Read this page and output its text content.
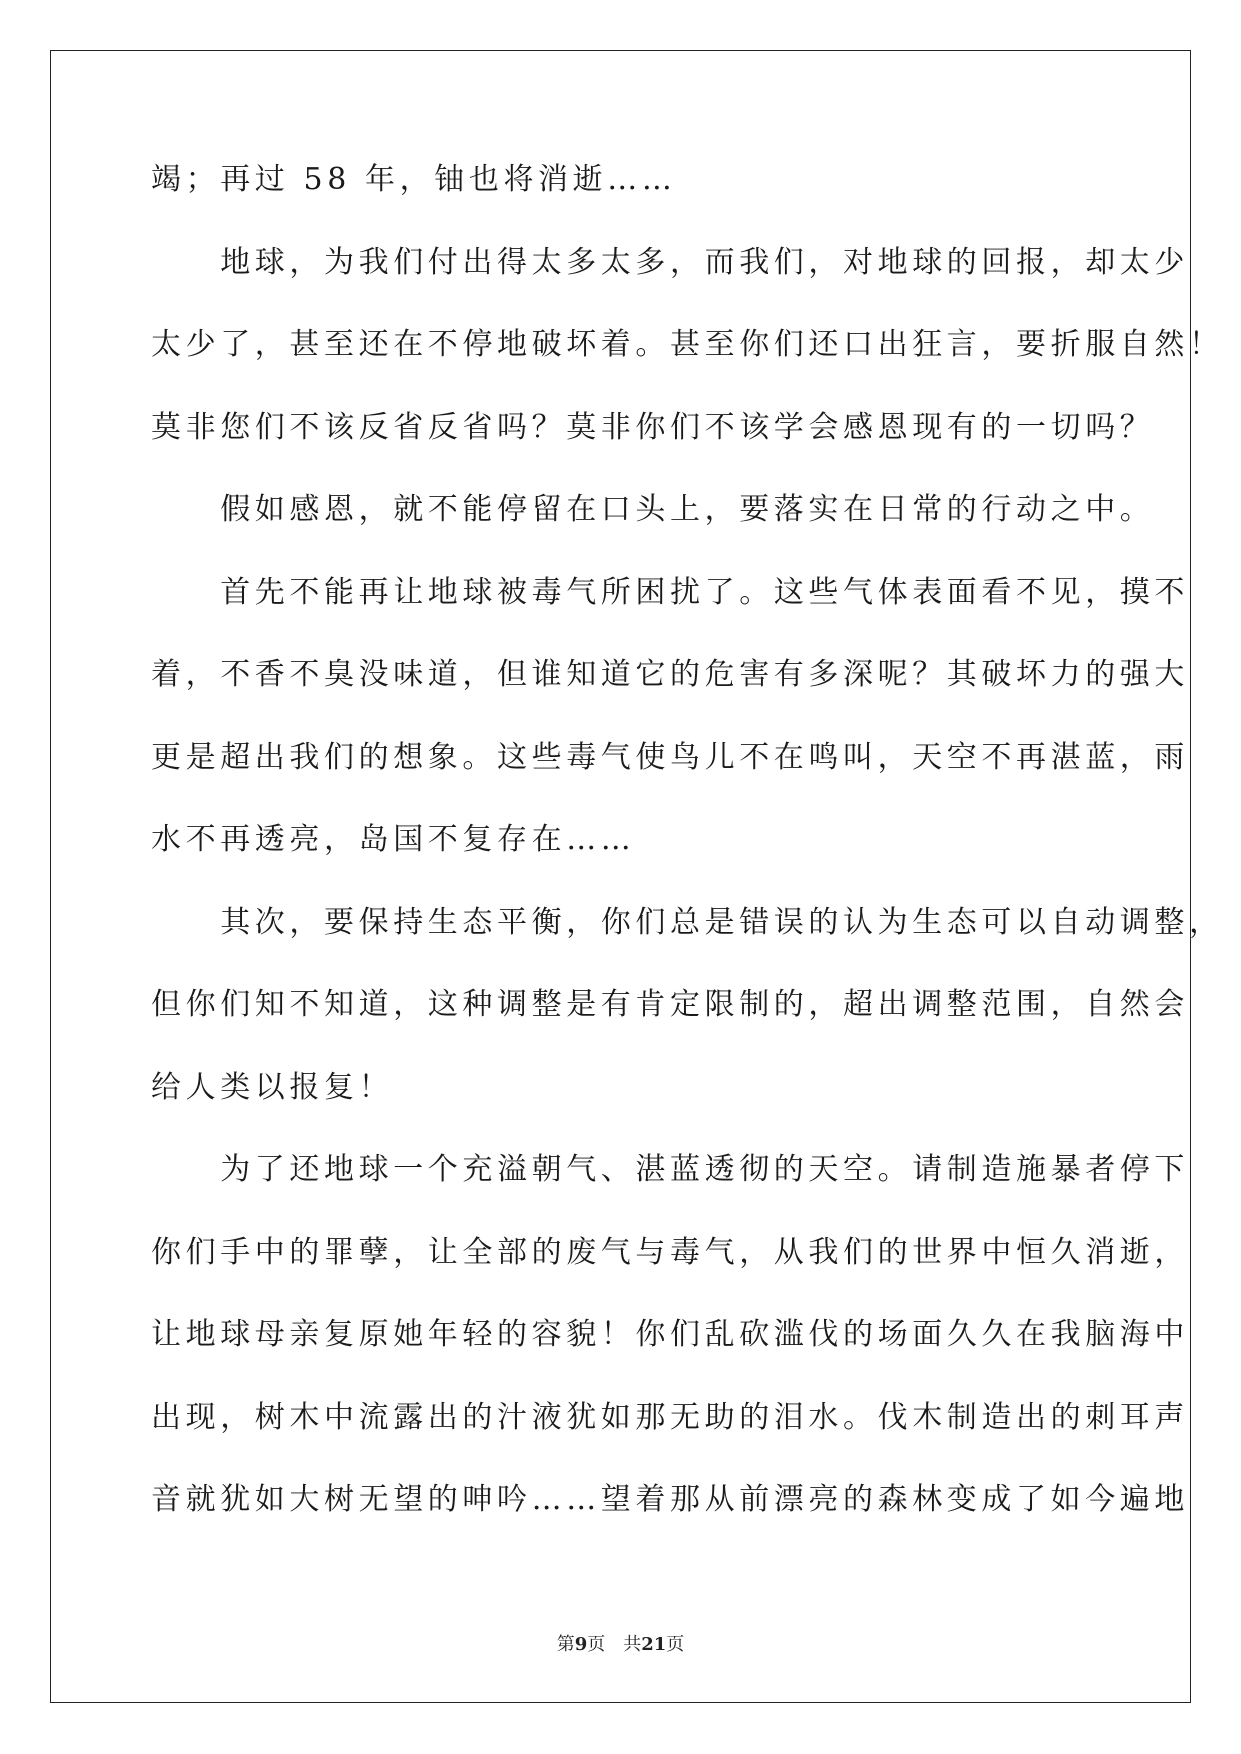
竭；再过 58 年，铀也将消逝……
　　地球，为我们付出得太多太多，而我们，对地球的回报，却太少
太少了，甚至还在不停地破坏着。甚至你们还口出狂言，要折服自然！
莫非您们不该反省反省吗？莫非你们不该学会感恩现有的一切吗？
　　假如感恩，就不能停留在口头上，要落实在日常的行动之中。
　　首先不能再让地球被毒气所困扰了。这些气体表面看不见，摸不
着，不香不臭没味道，但谁知道它的危害有多深呢？其破坏力的强大
更是超出我们的想象。这些毒气使鸟儿不在鸣叫，天空不再湛蓝，雨
水不再透亮，岛国不复存在……
　　其次，要保持生态平衡，你们总是错误的认为生态可以自动调整，
但你们知不知道，这种调整是有肯定限制的，超出调整范围，自然会
给人类以报复！
　　为了还地球一个充溢朝气、湛蓝透彻的天空。请制造施暴者停下
你们手中的罪孽，让全部的废气与毒气，从我们的世界中恒久消逝，
让地球母亲复原她年轻的容貌！你们乱砍滥伐的场面久久在我脑海中
出现，树木中流露出的汁液犹如那无助的泪水。伐木制造出的刺耳声
音就犹如大树无望的呻吟……望着那从前漂亮的森林变成了如今遍地
第9页　共21页
